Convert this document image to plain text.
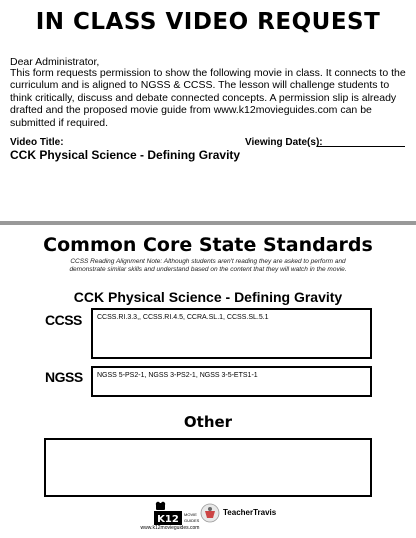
IN CLASS VIDEO REQUEST
Dear Administrator,
This form requests permission to show the following movie in class. It connects to the curriculum and is aligned to NGSS & CCSS. The lesson will challenge students to think critically, discuss and debate connected concepts. A permission slip is already drafted and the proposed movie guide from www.k12movieguides.com can be submitted if required.
Video Title:
CCK Physical Science - Defining Gravity
Viewing Date(s):
Common Core State Standards
CCSS Reading Alignment Note: Although students aren't reading they are asked to perform and demonstrate similar skills and understand based on the content that they will watch in the movie.
CCK Physical Science - Defining Gravity
CCSS	CCSS.RI.3.3,, CCSS.RI.4.5, CCRA.SL.1, CCSS.SL.5.1
NGSS	NGSS 5-PS2-1, NGSS 3-PS2-1, NGSS 3-5-ETS1-1
Other
K12 MOVIE
GUIDES
www.k12movieguides.com
TeacherTravis
